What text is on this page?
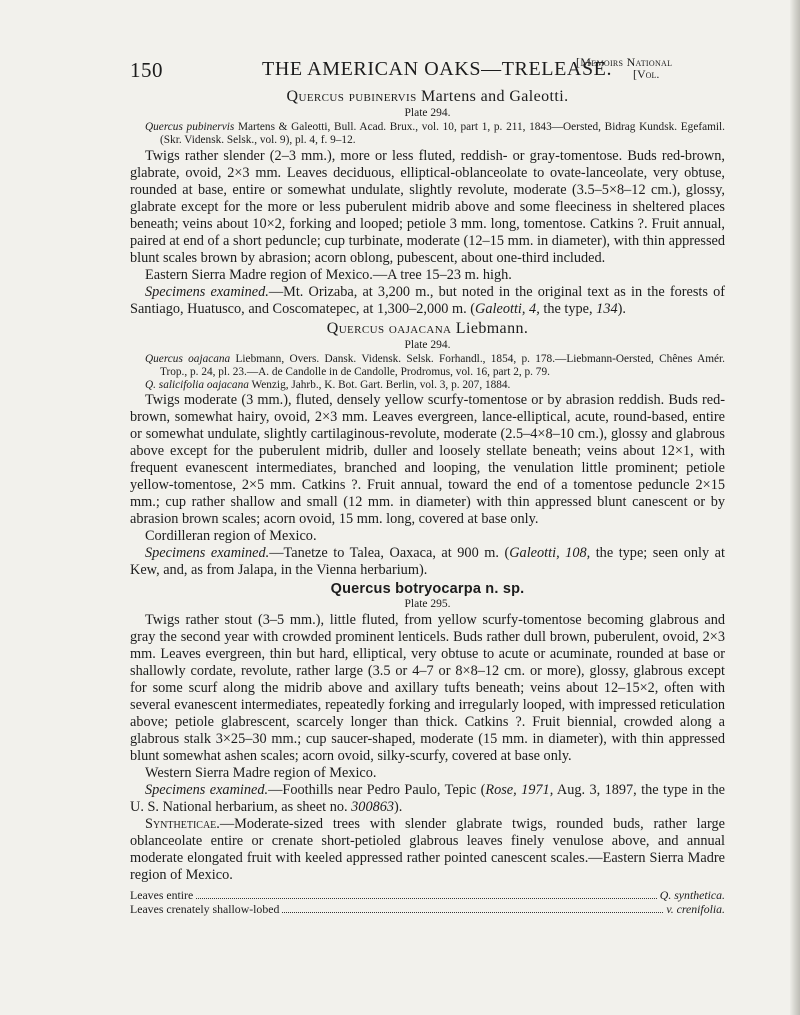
150	THE AMERICAN OAKS—TRELEASE.
[Memoirs National
[Vol.
Quercus pubinervis Martens and Galeotti.
Plate 294.

Quercus pubinervis Martens & Galeotti, Bull. Acad. Brux., vol. 10, part 1, p. 211, 1843—Oersted, Bidrag Kundsk. Egefamil. (Skr. Vidensk. Selsk., vol. 9), pl. 4, f. 9–12.

Twigs rather slender (2–3 mm.), more or less fluted, reddish- or gray-tomentose. Buds red-brown, glabrate, ovoid, 2×3 mm. Leaves deciduous, elliptical-oblanceolate to ovate-lanceolate, very obtuse, rounded at base, entire or somewhat undulate, slightly revolute, moderate (3.5–5×8–12 cm.), glossy, glabrate except for the more or less puberulent midrib above and some fleeciness in sheltered places beneath; veins about 10×2, forking and looped; petiole 3 mm. long, tomentose. Catkins ?. Fruit annual, paired at end of a short peduncle; cup turbinate, moderate (12–15 mm. in diameter), with thin appressed blunt scales brown by abrasion; acorn oblong, pubescent, about one-third included.

Eastern Sierra Madre region of Mexico.—A tree 15–23 m. high.

Specimens examined.—Mt. Orizaba, at 3,200 m., but noted in the original text as in the forests of Santiago, Huatusco, and Coscomatepec, at 1,300–2,000 m. (Galeotti, 4, the type, 134).

Quercus oajacana Liebmann.
Plate 294.

Quercus oajacana Liebmann, Overs. Dansk. Vidensk. Selsk. Forhandl., 1854, p. 178.—Liebmann-Oersted, Chênes Amér. Trop., p. 24, pl. 23.—A. de Candolle in de Candolle, Prodromus, vol. 16, part 2, p. 79.

Q. salicifolia oajacana Wenzig, Jahrb., K. Bot. Gart. Berlin, vol. 3, p. 207, 1884.

Twigs moderate (3 mm.), fluted, densely yellow scurfy-tomentose or by abrasion reddish. Buds red-brown, somewhat hairy, ovoid, 2×3 mm. Leaves evergreen, lance-elliptical, acute, round-based, entire or somewhat undulate, slightly cartilaginous-revolute, moderate (2.5–4×8–10 cm.), glossy and glabrous above except for the puberulent midrib, duller and loosely stellate beneath; veins about 12×1, with frequent evanescent intermediates, branched and looping, the venulation little prominent; petiole yellow-tomentose, 2×5 mm. Catkins ?. Fruit annual, toward the end of a tomentose peduncle 2×15 mm.; cup rather shallow and small (12 mm. in diameter) with thin appressed blunt canescent or by abrasion brown scales; acorn ovoid, 15 mm. long, covered at base only.

Cordilleran region of Mexico.

Specimens examined.—Tanetze to Talea, Oaxaca, at 900 m. (Galeotti, 108, the type; seen only at Kew, and, as from Jalapa, in the Vienna herbarium).

Quercus botryocarpa n. sp.
Plate 295.

Twigs rather stout (3–5 mm.), little fluted, from yellow scurfy-tomentose becoming glabrous and gray the second year with crowded prominent lenticels. Buds rather dull brown, puberulent, ovoid, 2×3 mm. Leaves evergreen, thin but hard, elliptical, very obtuse to acute or acuminate, rounded at base or shallowly cordate, revolute, rather large (3.5 or 4–7 or 8×8–12 cm. or more), glossy, glabrous except for some scurf along the midrib above and axillary tufts beneath; veins about 12–15×2, often with several evanescent intermediates, repeatedly forking and irregularly looped, with impressed reticulation above; petiole glabrescent, scarcely longer than thick. Catkins ?. Fruit biennial, crowded along a glabrous stalk 3×25–30 mm.; cup saucer-shaped, moderate (15 mm. in diameter), with thin appressed blunt somewhat ashen scales; acorn ovoid, silky-scurfy, covered at base only.

Western Sierra Madre region of Mexico.

Specimens examined.—Foothills near Pedro Paulo, Tepic (Rose, 1971, Aug. 3, 1897, the type in the U. S. National herbarium, as sheet no. 300863).

Syntheticae.—Moderate-sized trees with slender glabrate twigs, rounded buds, rather large oblanceolate entire or crenate short-petioled glabrous leaves finely venulose above, and annual moderate elongated fruit with keeled appressed rather pointed canescent scales.—Eastern Sierra Madre region of Mexico.

Leaves entire	Q. synthetica.
Leaves crenately shallow-lobed	v. crenifolia.
